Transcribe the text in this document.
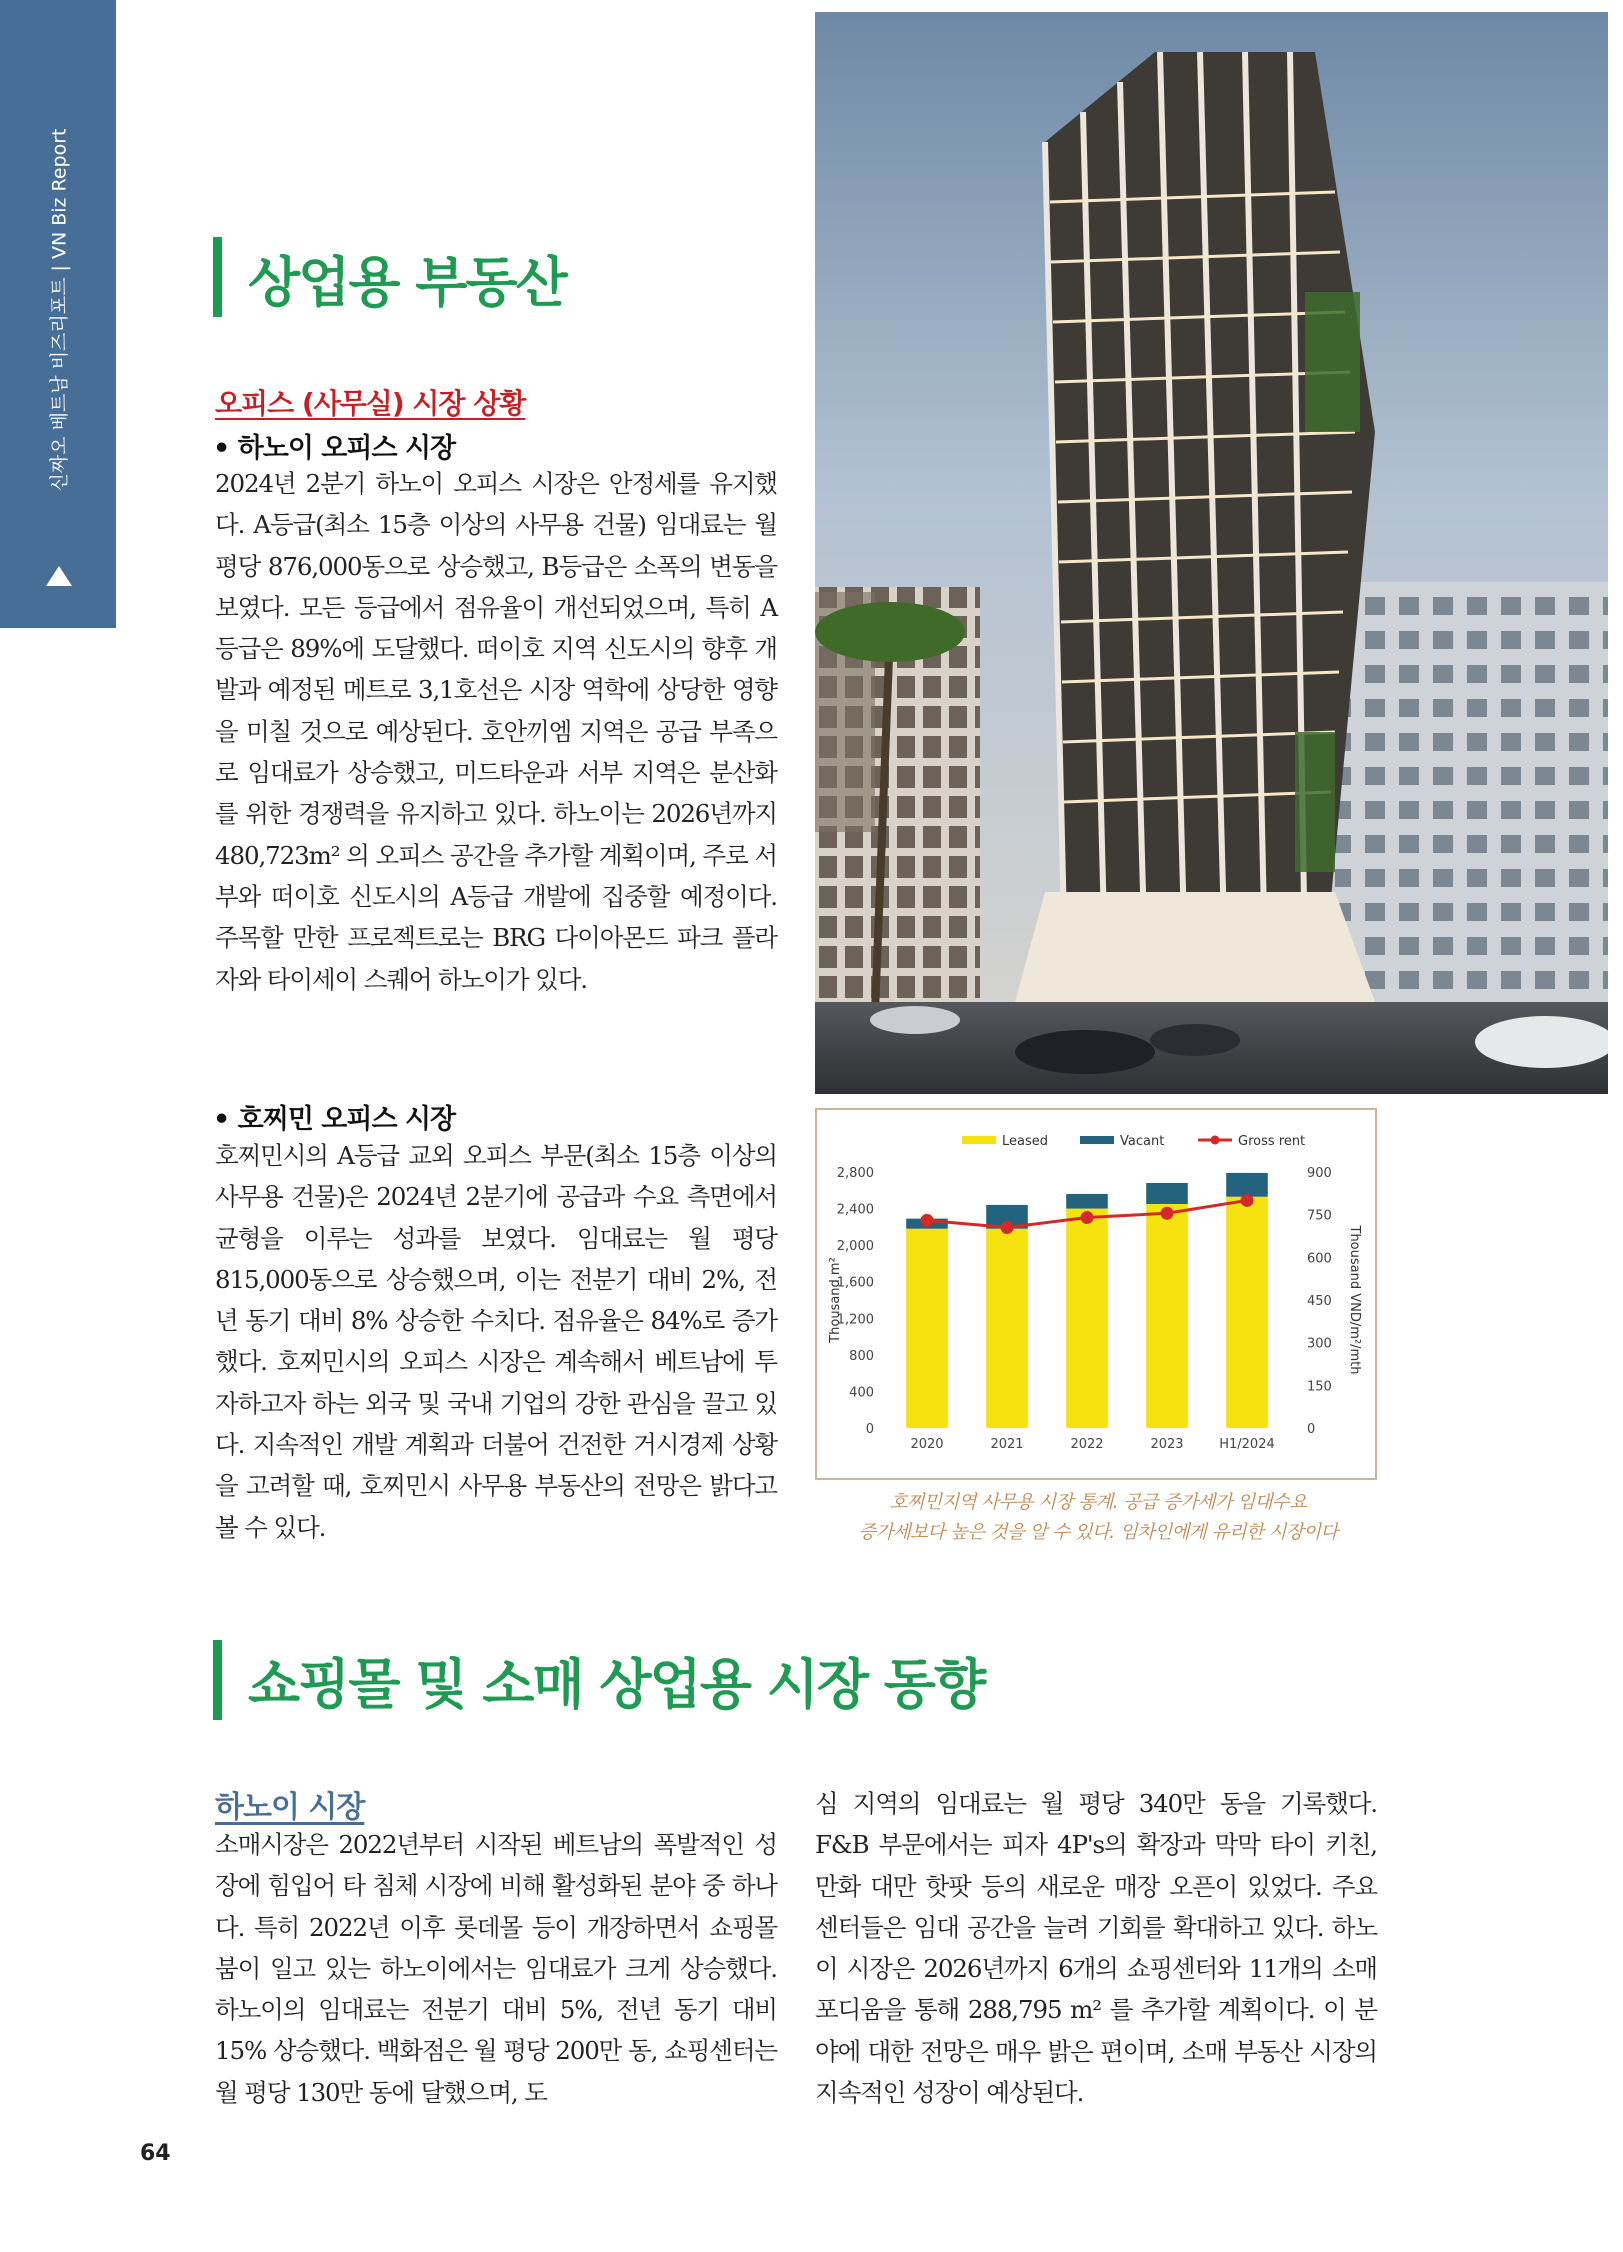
신짜오 베트남 비즈리포트 | VN Biz Report	상업용 부동산
오피스 (사무실) 시장 상황
• 하노이 오피스 시장
2024년 2분기 하노이 오피스 시장은 안정세를 유지했다. A등급(최소 15층 이상의 사무용 건물) 임대료는 월 평당 876,000동으로 상승했고, B등급은 소폭의 변동을 보였다. 모든 등급에서 점유율이 개선되었으며, 특히 A등급은 89%에 도달했다. 떠이호 지역 신도시의 향후 개발과 예정된 메트로 3,1호선은 시장 역학에 상당한 영향을 미칠 것으로 예상된다. 호안끼엠 지역은 공급 부족으로 임대료가 상승했고, 미드타운과 서부 지역은 분산화를 위한 경쟁력을 유지하고 있다. 하노이는 2026년까지 480,723m² 의 오피스 공간을 추가할 계획이며, 주로 서부와 떠이호 신도시의 A등급 개발에 집중할 예정이다. 주목할 만한 프로젝트로는 BRG 다이아몬드 파크 플라자와 타이세이 스퀘어 하노이가 있다.
• 호찌민 오피스 시장
호찌민시의 A등급 교외 오피스 부문(최소 15층 이상의 사무용 건물)은 2024년 2분기에 공급과 수요 측면에서 균형을 이루는 성과를 보였다. 임대료는 월 평당 815,000동으로 상승했으며, 이는 전분기 대비 2%, 전년 동기 대비 8% 상승한 수치다. 점유율은 84%로 증가했다. 호찌민시의 오피스 시장은 계속해서 베트남에 투자하고자 하는 외국 및 국내 기업의 강한 관심을 끌고 있다. 지속적인 개발 계획과 더불어 건전한 거시경제 상황을 고려할 때, 호찌민시 사무용 부동산의 전망은 밝다고 볼 수 있다.
Leased	Vacant	Gross rent
0
400
800
1,200
1,600
2,000
2,400
2,800
0
150
300
450
600
750
900
Thousand m²	Thousand VND/m²/mth
2020	2021	2022	2023	H1/2024
호찌민지역 사무용 시장 통계. 공급 증가세가 임대수요
증가세보다 높은 것을 알 수 있다. 임차인에게 유리한 시장이다
쇼핑몰 및 소매 상업용 시장 동향
하노이 시장
소매시장은 2022년부터 시작된 베트남의 폭발적인 성장에 힘입어 타 침체 시장에 비해 활성화된 분야 중 하나다. 특히 2022년 이후 롯데몰 등이 개장하면서 쇼핑몰 붐이 일고 있는 하노이에서는 임대료가 크게 상승했다. 하노이의 임대료는 전분기 대비 5%, 전년 동기 대비 15% 상승했다. 백화점은 월 평당 200만 동, 쇼핑센터는 월 평당 130만 동에 달했으며, 도
심 지역의 임대료는 월 평당 340만 동을 기록했다. F&B 부문에서는 피자 4P's의 확장과 막막 타이 키친, 만화 대만 핫팟 등의 새로운 매장 오픈이 있었다. 주요 센터들은 임대 공간을 늘려 기회를 확대하고 있다. 하노이 시장은 2026년까지 6개의 쇼핑센터와 11개의 소매 포디움을 통해 288,795 m² 를 추가할 계획이다. 이 분야에 대한 전망은 매우 밝은 편이며, 소매 부동산 시장의 지속적인 성장이 예상된다.
64
